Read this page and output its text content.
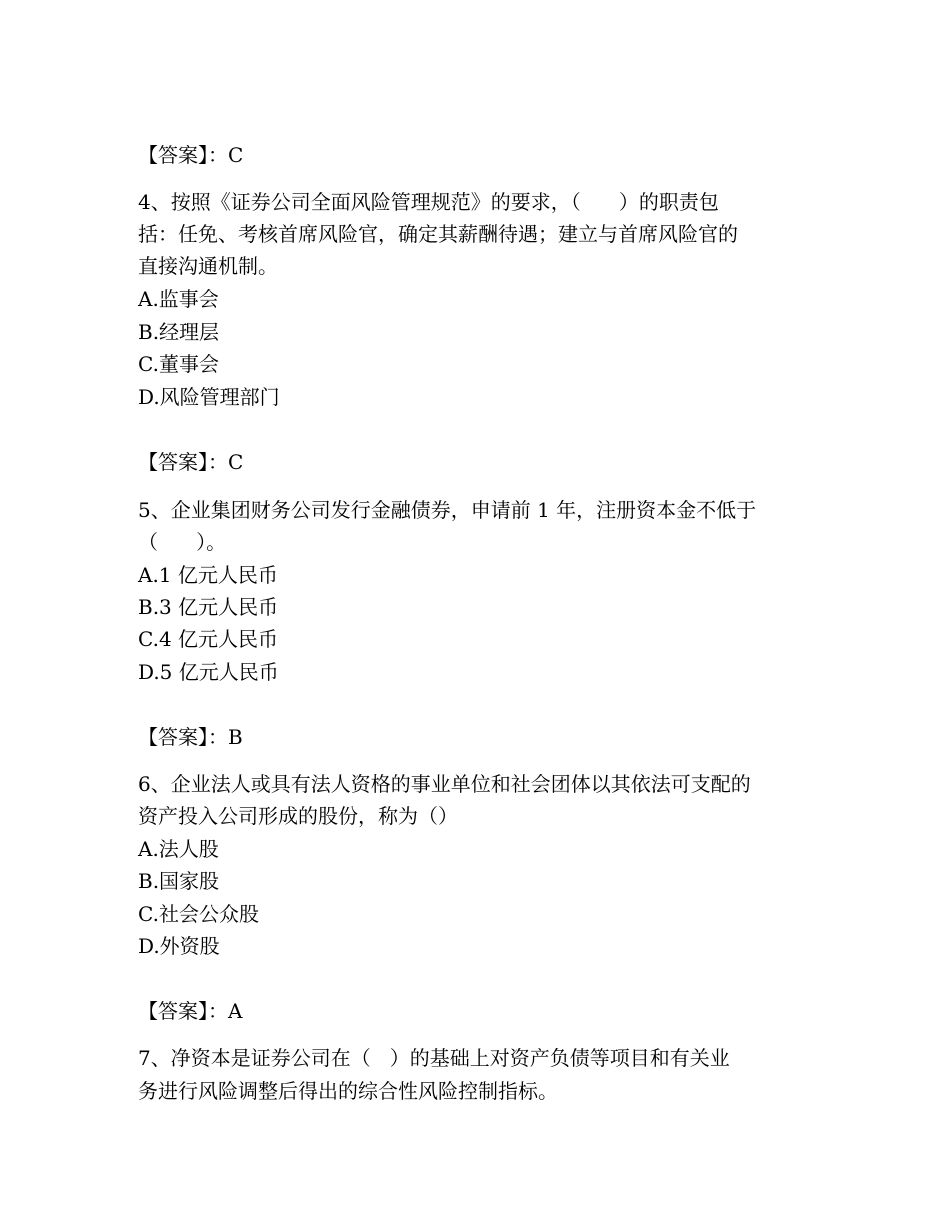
【答案】：C
4、按照《证券公司全面风险管理规范》的要求，（      ）的职责包
括：任免、考核首席风险官，确定其薪酬待遇；建立与首席风险官的
直接沟通机制。
A.监事会
B.经理层
C.董事会
D.风险管理部门
【答案】：C
5、企业集团财务公司发行金融债券，申请前 1 年，注册资本金不低于
（      ）。
A.1 亿元人民币
B.3 亿元人民币
C.4 亿元人民币
D.5 亿元人民币
【答案】：B
6、企业法人或具有法人资格的事业单位和社会团体以其依法可支配的
资产投入公司形成的股份，称为（）
A.法人股
B.国家股
C.社会公众股
D.外资股
【答案】：A
7、净资本是证券公司在（   ）的基础上对资产负债等项目和有关业
务进行风险调整后得出的综合性风险控制指标。
